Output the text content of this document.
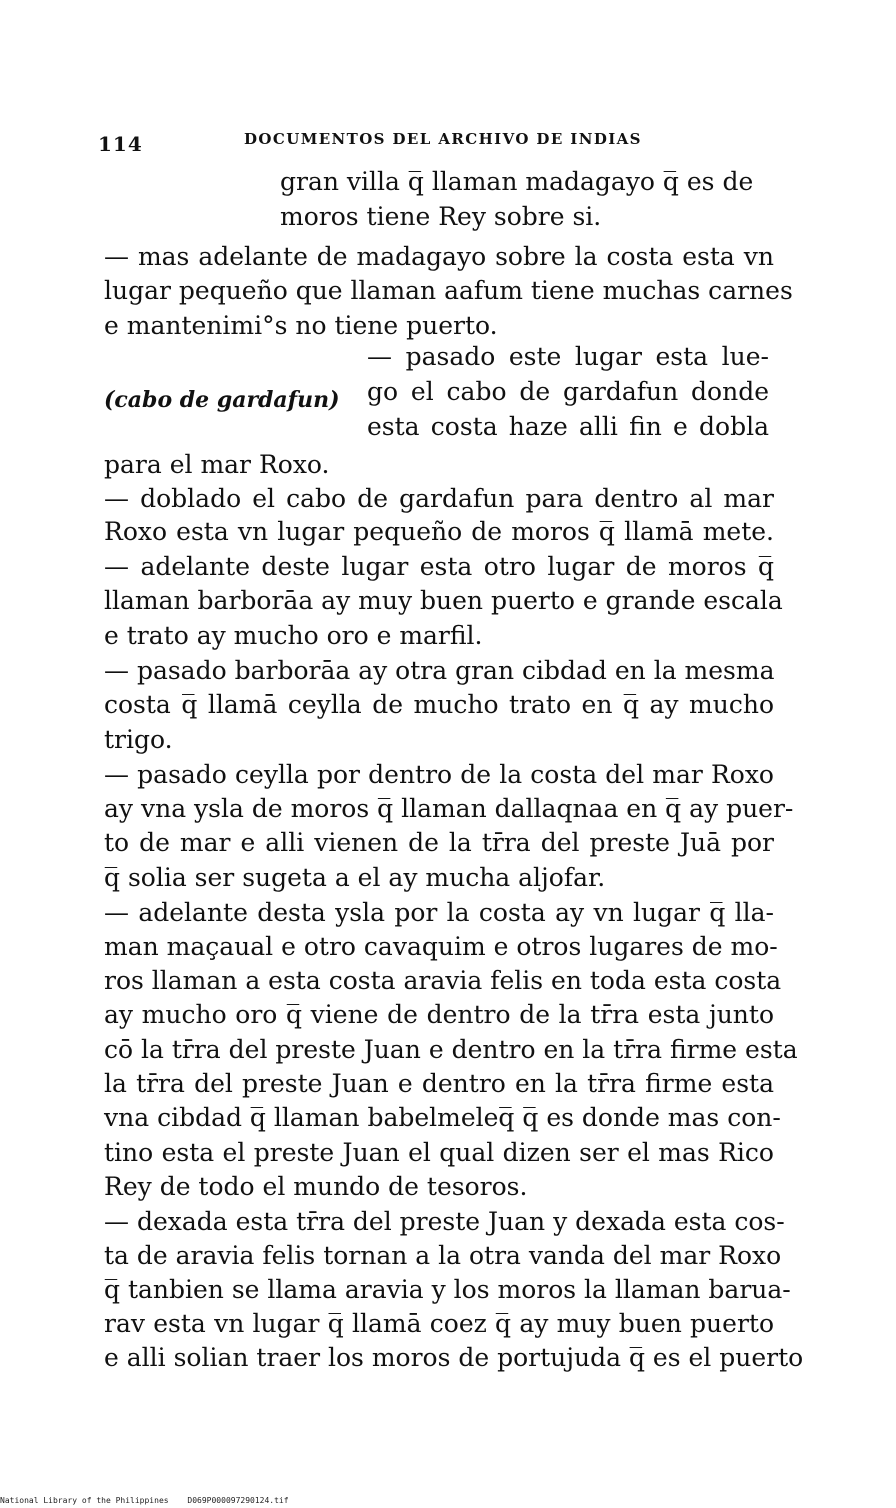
114	DOCUMENTOS DEL ARCHIVO DE INDIAS
(cabo de gardafun)
gran villa q̅ llaman madagayo q̅ es de
moros tiene Rey sobre si.
— mas adelante de madagayo sobre la costa esta vn
lugar pequeño que llaman aafum tiene muchas carnes
e mantenimi°s no tiene puerto.
— pasado este lugar esta lue-
go el cabo de gardafun donde
esta costa haze alli fin e dobla
para el mar Roxo.
— doblado el cabo de gardafun para dentro al mar
Roxo esta vn lugar pequeño de moros q̅ llamā mete.
— adelante deste lugar esta otro lugar de moros q̅
llaman barborāa ay muy buen puerto e grande escala
e trato ay mucho oro e marfil.
— pasado barborāa ay otra gran cibdad en la mesma
costa q̅ llamā ceylla de mucho trato en q̅ ay mucho
trigo.
— pasado ceylla por dentro de la costa del mar Roxo
ay vna ysla de moros q̅ llaman dallaqnaa en q̅ ay puer-
to de mar e alli vienen de la tr̄ra del preste Juā por
q̅ solia ser sugeta a el ay mucha aljofar.
— adelante desta ysla por la costa ay vn lugar q̅ lla-
man maçaual e otro cavaquim e otros lugares de mo-
ros llaman a esta costa aravia felis en toda esta costa
ay mucho oro q̅ viene de dentro de la tr̄ra esta junto
cō la tr̄ra del preste Juan e dentro en la tr̄ra firme esta
la tr̄ra del preste Juan e dentro en la tr̄ra firme esta
vna cibdad q̅ llaman babelmeleq̅ q̅ es donde mas con-
tino esta el preste Juan el qual dizen ser el mas Rico
Rey de todo el mundo de tesoros.
— dexada esta tr̄ra del preste Juan y dexada esta cos-
ta de aravia felis tornan a la otra vanda del mar Roxo
q̅ tanbien se llama aravia y los moros la llaman barua-
rav esta vn lugar q̅ llamā coez q̅ ay muy buen puerto
e alli solian traer los moros de portujuda q̅ es el puerto
National Library of the Philippines D069P000097290124.tif
